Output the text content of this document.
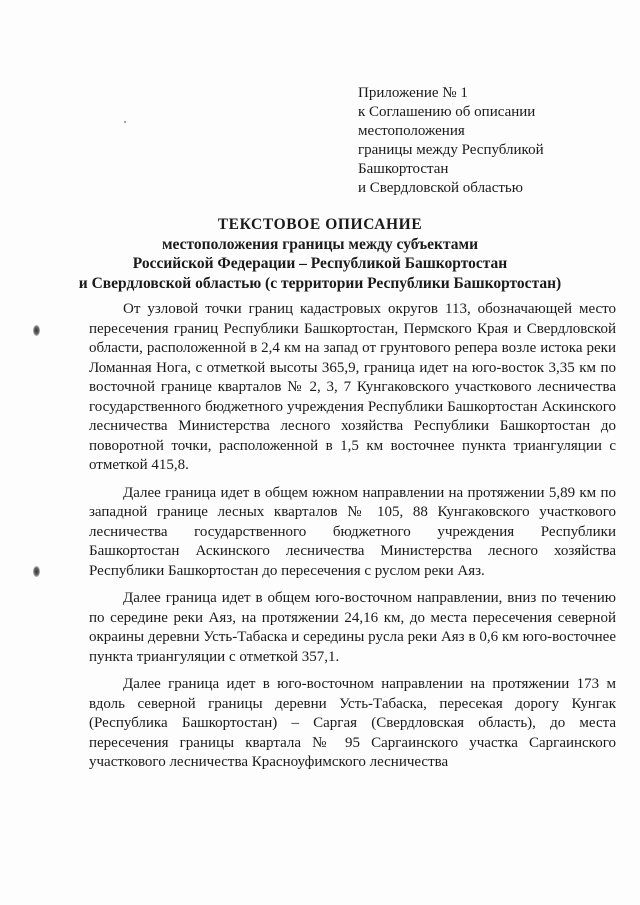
Приложение № 1
к Соглашению об описании
местоположения
границы между Республикой
Башкортостан
и Свердловской областью
ТЕКСТОВОЕ ОПИСАНИЕ
местоположения границы между субъектами
Российской Федерации – Республикой Башкортостан
и Свердловской областью (с территории Республики Башкортостан)

От узловой точки границ кадастровых округов 113, обозначающей место пересечения границ Республики Башкортостан, Пермского Края и Свердловской области, расположенной в 2,4 км на запад от грунтового репера возле истока реки Ломанная Нога, с отметкой высоты 365,9, граница идет на юго-восток 3,35 км по восточной границе кварталов № 2, 3, 7 Кунгаковского участкового лесничества государственного бюджетного учреждения Республики Башкортостан Аскинского лесничества Министерства лесного хозяйства Республики Башкортостан до поворотной точки, расположенной в 1,5 км восточнее пункта триангуляции с отметкой 415,8.

Далее граница идет в общем южном направлении на протяжении 5,89 км по западной границе лесных кварталов № 105, 88 Кунгаковского участкового лесничества государственного бюджетного учреждения Республики Башкортостан Аскинского лесничества Министерства лесного хозяйства Республики Башкортостан до пересечения с руслом реки Аяз.

Далее граница идет в общем юго-восточном направлении, вниз по течению по середине реки Аяз, на протяжении 24,16 км, до места пересечения северной окраины деревни Усть-Табаска и середины русла реки Аяз в 0,6 км юго-восточнее пункта триангуляции с отметкой 357,1.

Далее граница идет в юго-восточном направлении на протяжении 173 м вдоль северной границы деревни Усть-Табаска, пересекая дорогу Кунгак (Республика Башкортостан) – Саргая (Свердловская область), до места пересечения границы квартала № 95 Саргаинского участка Саргаинского участкового лесничества Красноуфимского лесничества
